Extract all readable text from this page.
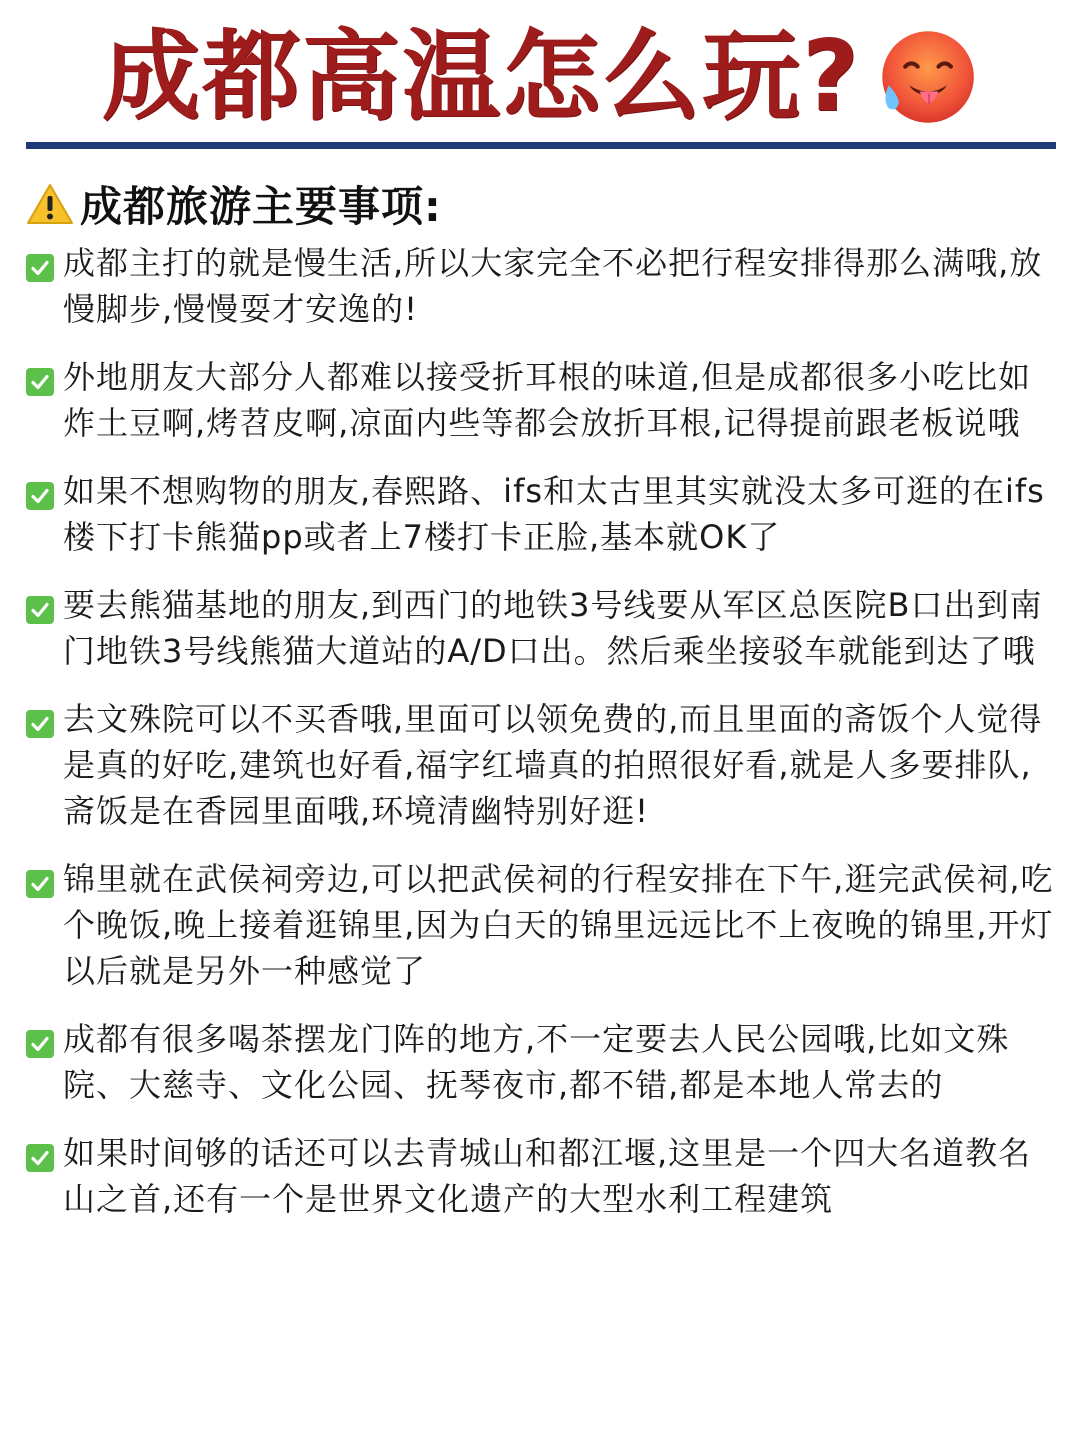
成都高温怎么玩?
成都旅游主要事项:
成都主打的就是慢生活,所以大家完全不必把行程安排得那么满哦,放慢脚步,慢慢耍才安逸的!
外地朋友大部分人都难以接受折耳根的味道,但是成都很多小吃比如炸土豆啊,烤苕皮啊,凉面内些等都会放折耳根,记得提前跟老板说哦
如果不想购物的朋友,春熙路、ifs和太古里其实就没太多可逛的在ifs楼下打卡熊猫pp或者上7楼打卡正脸,基本就OK了
要去熊猫基地的朋友,到西门的地铁3号线要从军区总医院B口出到南门地铁3号线熊猫大道站的A/D口出。然后乘坐接驳车就能到达了哦
去文殊院可以不买香哦,里面可以领免费的,而且里面的斋饭个人觉得是真的好吃,建筑也好看,福字红墙真的拍照很好看,就是人多要排队,斋饭是在香园里面哦,环境清幽特别好逛!
锦里就在武侯祠旁边,可以把武侯祠的行程安排在下午,逛完武侯祠,吃个晚饭,晚上接着逛锦里,因为白天的锦里远远比不上夜晚的锦里,开灯以后就是另外一种感觉了
成都有很多喝茶摆龙门阵的地方,不一定要去人民公园哦,比如文殊院、大慈寺、文化公园、抚琴夜市,都不错,都是本地人常去的
如果时间够的话还可以去青城山和都江堰,这里是一个四大名道教名山之首,还有一个是世界文化遗产的大型水利工程建筑
